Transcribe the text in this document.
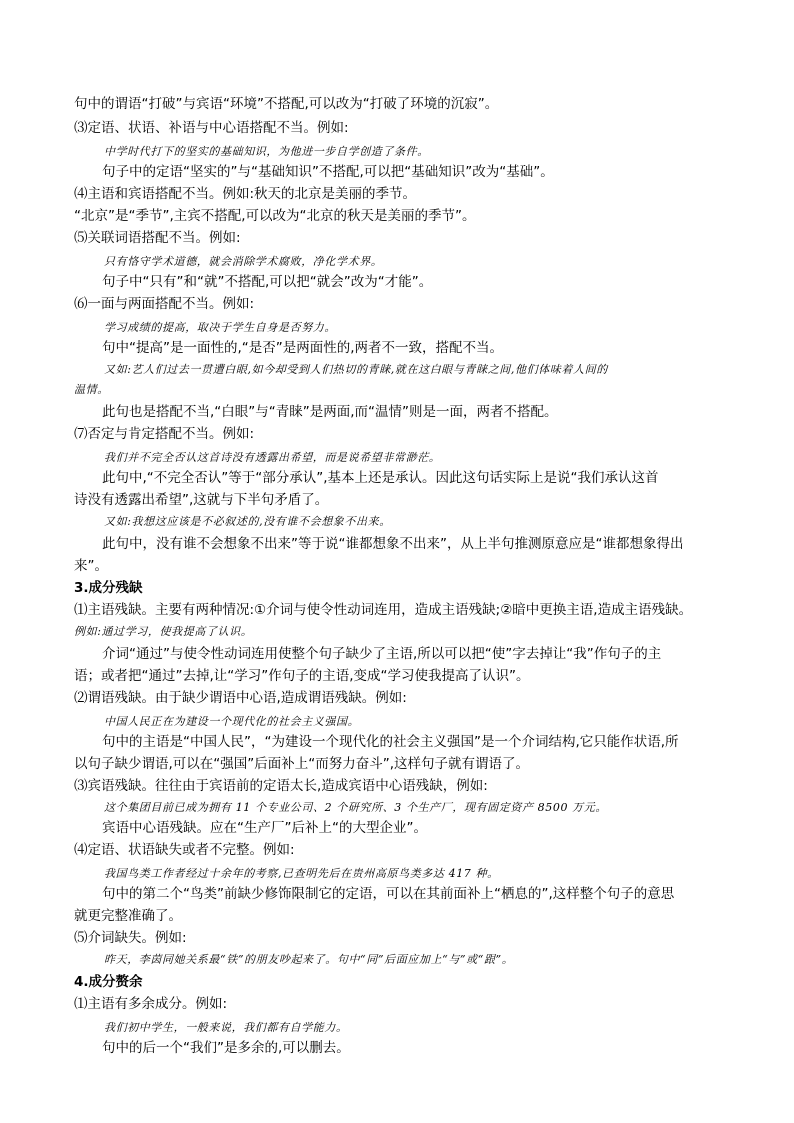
句中的谓语“打破”与宾语“环境”不搭配,可以改为“打破了环境的沉寂”。
⑶定语、状语、补语与中心语搭配不当。例如:
中学时代打下的坚实的基础知识，为他进一步自学创造了条件。
句子中的定语“坚实的”与“基础知识”不搭配,可以把“基础知识”改为“基础”。
⑷主语和宾语搭配不当。例如:秋天的北京是美丽的季节。
“北京”是“季节”,主宾不搭配,可以改为“北京的秋天是美丽的季节”。
⑸关联词语搭配不当。例如:
只有恪守学术道德，就会消除学术腐败，净化学术界。
句子中“只有”和“就”不搭配,可以把“就会”改为“才能”。
⑹一面与两面搭配不当。例如:
学习成绩的提高，取决于学生自身是否努力。
句中“提高”是一面性的,“是否”是两面性的,两者不一致，搭配不当。
又如:艺人们过去一贯遭白眼,如今却受到人们热切的青睐,就在这白眼与青睐之间,他们体味着人间的
温情。
此句也是搭配不当,“白眼”与“青睐”是两面,而“温情”则是一面，两者不搭配。
⑺否定与肯定搭配不当。例如:
我们并不完全否认这首诗没有透露出希望，而是说希望非常渺茫。
此句中,“不完全否认”等于“部分承认”,基本上还是承认。因此这句话实际上是说“我们承认这首
诗没有透露出希望”,这就与下半句矛盾了。
又如:我想这应该是不必叙述的,没有谁不会想象不出来。
此句中，没有谁不会想象不出来”等于说“谁都想象不出来”，从上半句推测原意应是“谁都想象得出
来”。
3.成分残缺
⑴主语残缺。主要有两种情况:①介词与使令性动词连用，造成主语残缺;②暗中更换主语,造成主语残缺。
例如:通过学习，使我提高了认识。
介词“通过”与使令性动词连用使整个句子缺少了主语,所以可以把“使”字去掉让“我”作句子的主
语；或者把“通过”去掉,让“学习”作句子的主语,变成“学习使我提高了认识”。
⑵谓语残缺。由于缺少谓语中心语,造成谓语残缺。例如:
中国人民正在为建设一个现代化的社会主义强国。
句中的主语是“中国人民”，“为建设一个现代化的社会主义强国”是一个介词结构,它只能作状语,所
以句子缺少谓语,可以在“强国”后面补上“而努力奋斗”,这样句子就有谓语了。
⑶宾语残缺。往往由于宾语前的定语太长,造成宾语中心语残缺，例如:
这个集团目前已成为拥有 11 个专业公司、2 个研究所、3 个生产厂，现有固定资产 8500 万元。
宾语中心语残缺。应在“生产厂”后补上“的大型企业”。
⑷定语、状语缺失或者不完整。例如:
我国鸟类工作者经过十余年的考察,已查明先后在贵州高原鸟类多达 417 种。
句中的第二个“鸟类”前缺少修饰限制它的定语，可以在其前面补上“栖息的”,这样整个句子的意思
就更完整准确了。
⑸介词缺失。例如:
昨天，李茵同她关系最“铁”的朋友吵起来了。句中“同”后面应加上“与”或“跟”。
4.成分赘余
⑴主语有多余成分。例如:
我们初中学生，一般来说，我们都有自学能力。
句中的后一个“我们”是多余的,可以删去。
